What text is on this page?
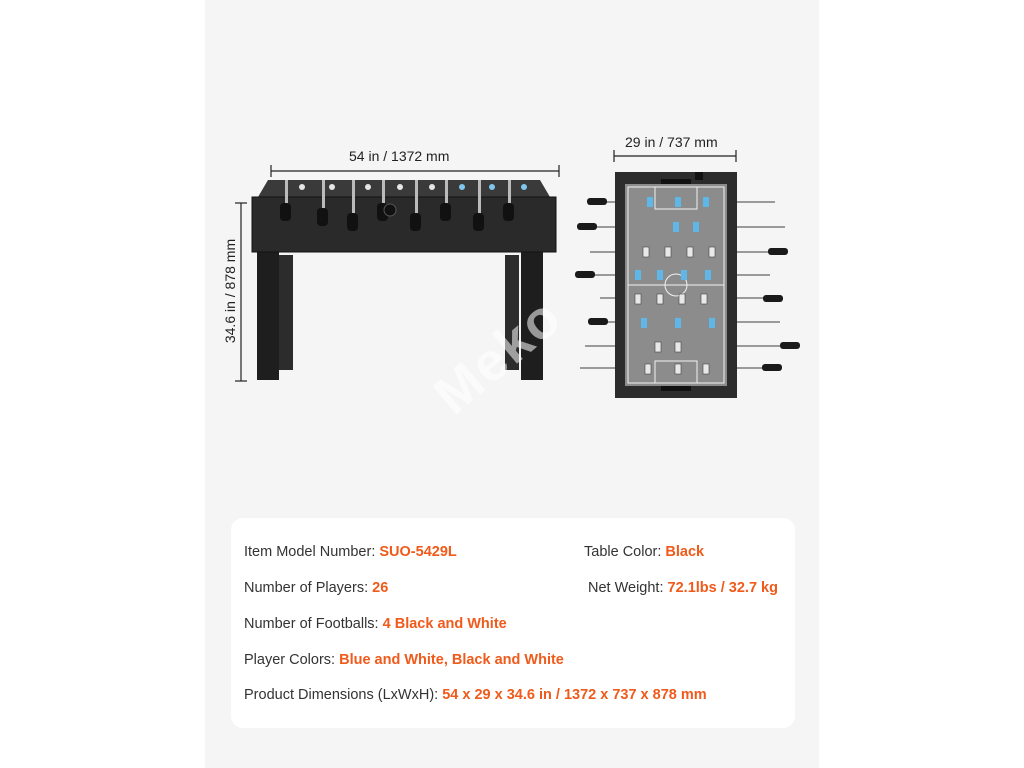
54 in / 1372 mm
34.6 in / 878 mm
29 in / 737 mm
Meko
Item Model Number: SUO-5429L
Number of Players: 26
Number of Footballs: 4 Black and White
Player Colors: Blue and White, Black and White
Product Dimensions (LxWxH): 54 x 29 x 34.6 in / 1372 x 737 x 878 mm
Table Color: Black
Net Weight: 72.1lbs / 32.7 kg
